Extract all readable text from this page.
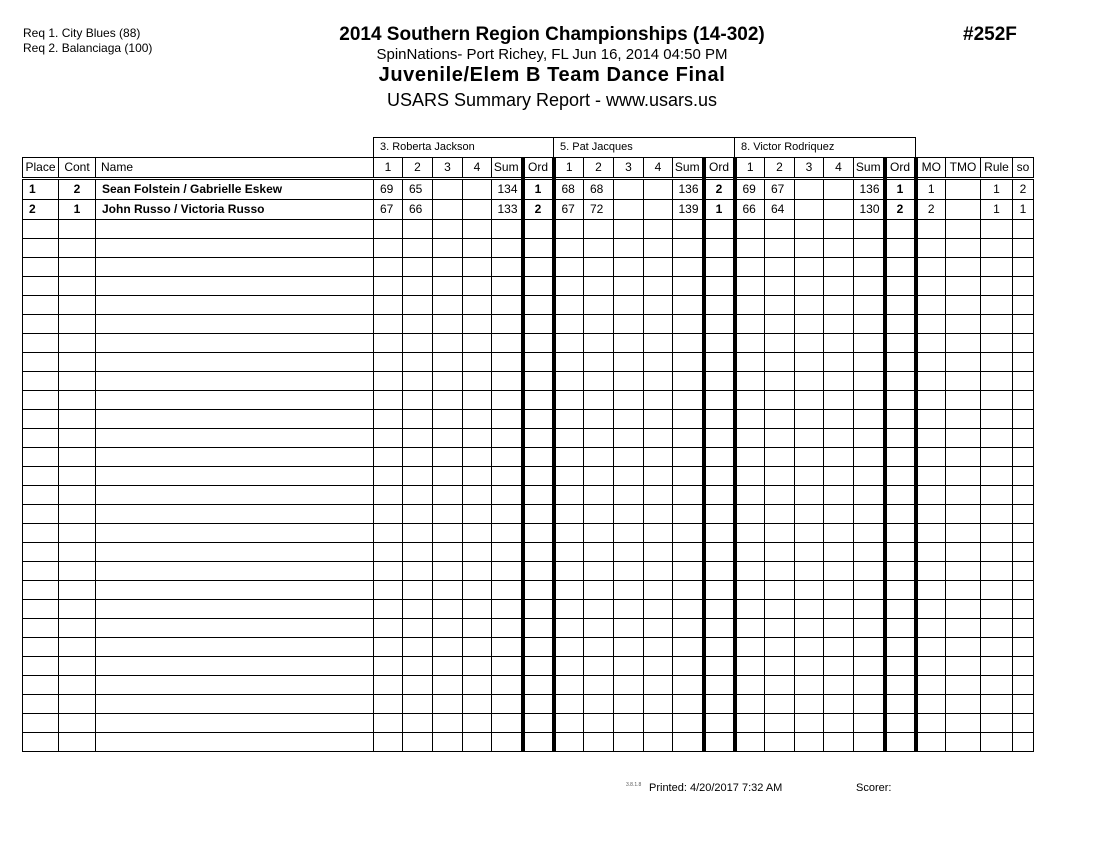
Req 1. City Blues (88)
Req 2. Balanciaga (100)
2014 Southern Region Championships (14-302)
SpinNations- Port Richey, FL Jun 16, 2014 04:50 PM
Juvenile/Elem B Team Dance Final
USARS Summary Report - www.usars.us
#252F
3. Roberta Jackson	5. Pat Jacques	8. Victor Rodriquez
Place	Cont	Name	1	2	3	4	Sum	Ord	1	2	3	4	Sum	Ord	1	2	3	4	Sum	Ord	MO	TMO	Rule	so
1	2	Sean Folstein / Gabrielle Eskew	69	65			134	1	68	68			136	2	69	67			136	1	1		1	2
2	1	John Russo / Victoria Russo	67	66			133	2	67	72			139	1	66	64			130	2	2		1	1

3.8.1.8 Printed: 4/20/2017 7:32 AM	Scorer:
